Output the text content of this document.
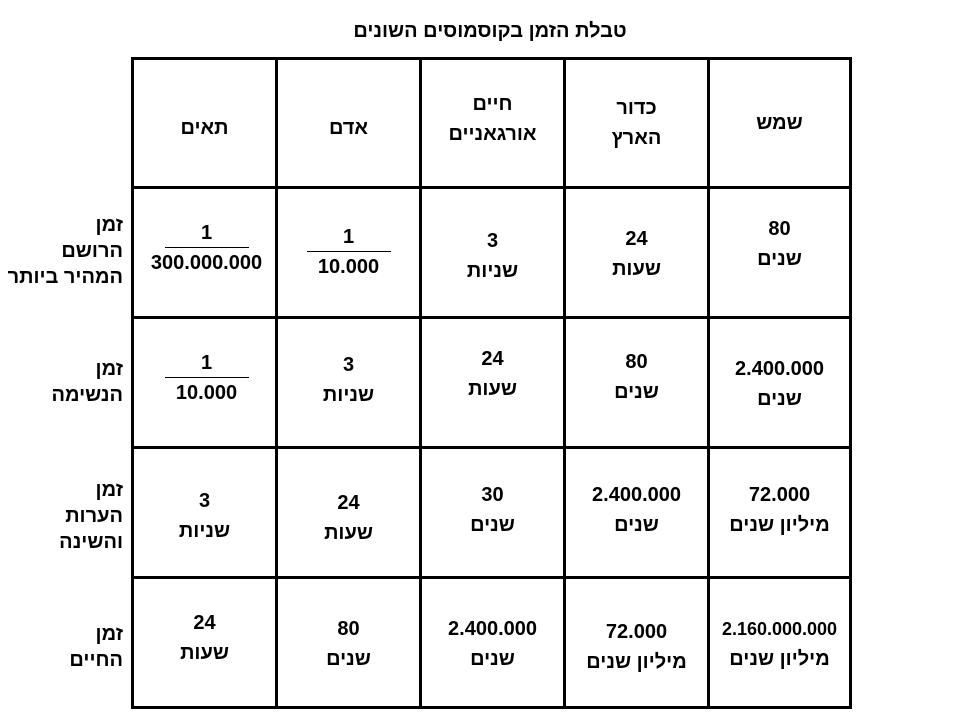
טבלת הזמן בקוסמוסים השונים
שמש
כדור
הארץ
חיים
אורגאניים
אדם
תאים
זמן
הרושם
המהיר ביותר
זמן
הנשימה
זמן
הערות
והשינה
זמן
החיים
80
שנים
24
שעות
3
שניות
$\frac{1}{10.000}$
$\frac{1}{300.000.000}$
2.400.000
שנים
80
שנים
24
שעות
3
שניות
$\frac{1}{10.000}$
72.000
מיליון שנים
2.400.000
שנים
30
שנים
24
שעות
3
שניות
2.160.000.000
מיליון שנים
72.000
מיליון שנים
2.400.000
שנים
80
שנים
24
שעות
